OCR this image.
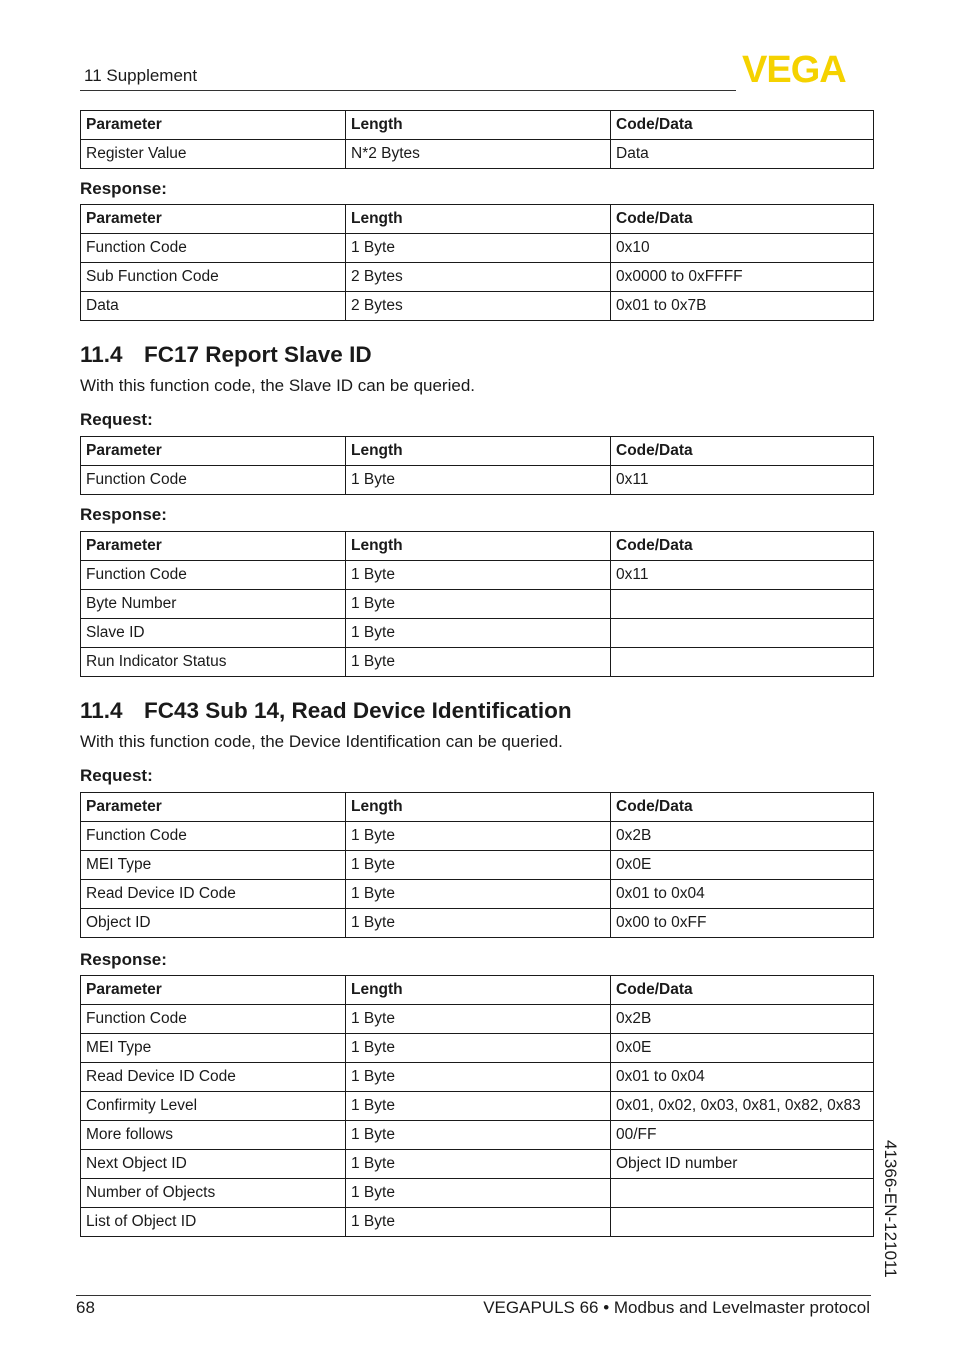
11 Supplement	VEGA
Parameter	Length	Code/Data
Register Value	N*2 Bytes	Data
Response:
Parameter	Length	Code/Data
Function Code	1 Byte	0x10
Sub Function Code	2 Bytes	0x0000 to 0xFFFF
Data	2 Bytes	0x01 to 0x7B
11.4 FC17 Report Slave ID
With this function code, the Slave ID can be queried.
Request:
Parameter	Length	Code/Data
Function Code	1 Byte	0x11
Response:
Parameter	Length	Code/Data
Function Code	1 Byte	0x11
Byte Number	1 Byte	
Slave ID	1 Byte	
Run Indicator Status	1 Byte	
11.4 FC43 Sub 14, Read Device Identification
With this function code, the Device Identification can be queried.
Request:
Parameter	Length	Code/Data
Function Code	1 Byte	0x2B
MEI Type	1 Byte	0x0E
Read Device ID Code	1 Byte	0x01 to 0x04
Object ID	1 Byte	0x00 to 0xFF
Response:
Parameter	Length	Code/Data
Function Code	1 Byte	0x2B
MEI Type	1 Byte	0x0E
Read Device ID Code	1 Byte	0x01 to 0x04
Confirmity Level	1 Byte	0x01, 0x02, 0x03, 0x81, 0x82, 0x83
More follows	1 Byte	00/FF
Next Object ID	1 Byte	Object ID number
Number of Objects	1 Byte	
List of Object ID	1 Byte		41366-EN-121011
68	VEGAPULS 66 • Modbus and Levelmaster protocol
